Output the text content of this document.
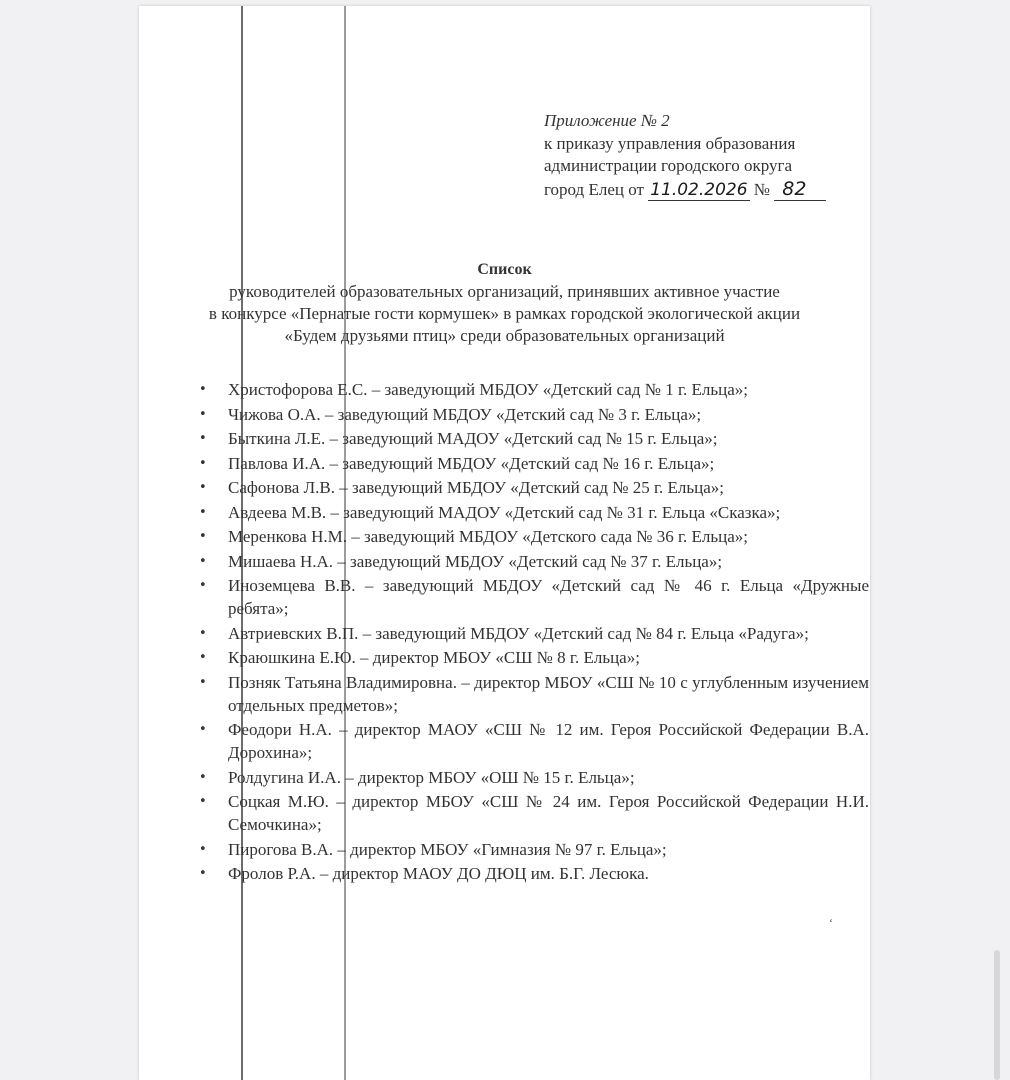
Приложение № 2
к приказу управления образования
администрации городского округа
город Елец от 11.02.2026 № 82
Список
руководителей образовательных организаций, принявших активное участие
в конкурсе «Пернатые гости кормушек» в рамках городской экологической акции
«Будем друзьями птиц» среди образовательных организаций
• Христофорова Е.С. – заведующий МБДОУ «Детский сад № 1 г. Ельца»;
• Чижова О.А. – заведующий МБДОУ «Детский сад № 3 г. Ельца»;
• Быткина Л.Е. – заведующий МАДОУ «Детский сад № 15 г. Ельца»;
• Павлова И.А. – заведующий МБДОУ «Детский сад № 16 г. Ельца»;
• Сафонова Л.В. – заведующий МБДОУ «Детский сад № 25 г. Ельца»;
• Авдеева М.В. – заведующий МАДОУ «Детский сад № 31 г. Ельца «Сказка»;
• Меренкова Н.М. – заведующий МБДОУ «Детского сада № 36 г. Ельца»;
• Мишаева Н.А. – заведующий МБДОУ «Детский сад № 37 г. Ельца»;
• Иноземцева В.В. – заведующий МБДОУ «Детский сад № 46 г. Ельца «Дружные ребята»;
• Автриевских В.П. – заведующий МБДОУ «Детский сад № 84 г. Ельца «Радуга»;
• Краюшкина Е.Ю. – директор МБОУ «СШ № 8 г. Ельца»;
• Позняк Татьяна Владимировна. – директор МБОУ «СШ № 10 с углубленным изучением отдельных предметов»;
• Феодори Н.А. – директор МАОУ «СШ № 12 им. Героя Российской Федерации В.А. Дорохина»;
• Ролдугина И.А. – директор МБОУ «ОШ № 15 г. Ельца»;
• Соцкая М.Ю. – директор МБОУ «СШ № 24 им. Героя Российской Федерации Н.И. Семочкина»;
• Пирогова В.А. – директор МБОУ «Гимназия № 97 г. Ельца»;
• Фролов Р.А. – директор МАОУ ДО ДЮЦ им. Б.Г. Лесюка.
‘
